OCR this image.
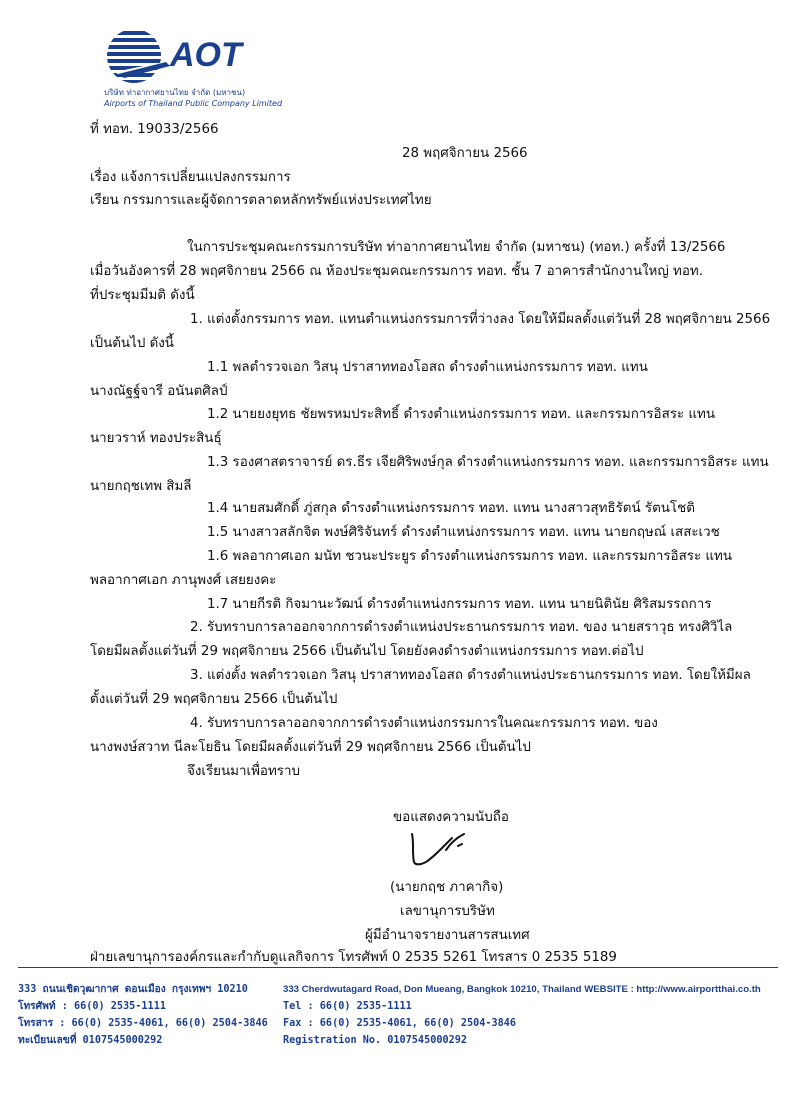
AOT
บริษัท ท่าอากาศยานไทย จำกัด (มหาชน)
Airports of Thailand Public Company Limited
ที่ ทอท. 19033/2566
28 พฤศจิกายน 2566
เรื่อง แจ้งการเปลี่ยนแปลงกรรมการ
เรียน กรรมการและผู้จัดการตลาดหลักทรัพย์แห่งประเทศไทย
ในการประชุมคณะกรรมการบริษัท ท่าอากาศยานไทย จำกัด (มหาชน) (ทอท.) ครั้งที่ 13/2566
เมื่อวันอังคารที่ 28 พฤศจิกายน 2566 ณ ห้องประชุมคณะกรรมการ ทอท. ชั้น 7 อาคารสำนักงานใหญ่ ทอท.
ที่ประชุมมีมติ ดังนี้
1. แต่งตั้งกรรมการ ทอท. แทนตำแหน่งกรรมการที่ว่างลง โดยให้มีผลตั้งแต่วันที่ 28 พฤศจิกายน 2566
เป็นต้นไป ดังนี้
1.1 พลตำรวจเอก วิสนุ ปราสาททองโอสถ ดำรงตำแหน่งกรรมการ ทอท. แทน
นางณัฐฐ์จารี อนันตศิลป์
1.2 นายยงยุทธ ชัยพรหมประสิทธิ์ ดำรงตำแหน่งกรรมการ ทอท. และกรรมการอิสระ แทน
นายวราห์ ทองประสินธุ์
1.3 รองศาสตราจารย์ ดร.ธีร เจียศิริพงษ์กุล ดำรงตำแหน่งกรรมการ ทอท. และกรรมการอิสระ แทน
นายกฤชเทพ สิมลี
1.4 นายสมศักดิ์ ภู่สกุล ดำรงตำแหน่งกรรมการ ทอท. แทน นางสาวสุทธิรัตน์ รัตนโชติ
1.5 นางสาวสลักจิต พงษ์ศิริจันทร์ ดำรงตำแหน่งกรรมการ ทอท. แทน นายกฤษณ์ เสสะเวช
1.6 พลอากาศเอก มนัท ชวนะประยูร ดำรงตำแหน่งกรรมการ ทอท. และกรรมการอิสระ แทน
พลอากาศเอก ภานุพงศ์ เสยยงคะ
1.7 นายกีรติ กิจมานะวัฒน์ ดำรงตำแหน่งกรรมการ ทอท. แทน นายนิตินัย ศิริสมรรถการ
2. รับทราบการลาออกจากการดำรงตำแหน่งประธานกรรมการ ทอท. ของ นายสราวุธ ทรงศิวิไล
โดยมีผลตั้งแต่วันที่ 29 พฤศจิกายน 2566 เป็นต้นไป โดยยังคงดำรงตำแหน่งกรรมการ ทอท.ต่อไป
3. แต่งตั้ง พลตำรวจเอก วิสนุ ปราสาททองโอสถ ดำรงตำแหน่งประธานกรรมการ ทอท. โดยให้มีผล
ตั้งแต่วันที่ 29 พฤศจิกายน 2566 เป็นต้นไป
4. รับทราบการลาออกจากการดำรงตำแหน่งกรรมการในคณะกรรมการ ทอท. ของ
นางพงษ์สวาท นีละโยธิน โดยมีผลตั้งแต่วันที่ 29 พฤศจิกายน 2566 เป็นต้นไป
จึงเรียนมาเพื่อทราบ
ขอแสดงความนับถือ
(นายกฤช ภาคากิจ)
เลขานุการบริษัท
ผู้มีอำนาจรายงานสารสนเทศ
ฝ่ายเลขานุการองค์กรและกำกับดูแลกิจการ โทรศัพท์ 0 2535 5261 โทรสาร 0 2535 5189
333 ถนนเชิดวุฒากาศ ดอนเมือง กรุงเทพฯ 10210
โทรศัพท์ : 66(0) 2535-1111
โทรสาร : 66(0) 2535-4061, 66(0) 2504-3846
ทะเบียนเลขที่ 0107545000292
333 Cherdwutagard Road, Don Mueang, Bangkok 10210, Thailand WEBSITE : http://www.airportthai.co.th
Tel : 66(0) 2535-1111
Fax : 66(0) 2535-4061, 66(0) 2504-3846
Registration No. 0107545000292
